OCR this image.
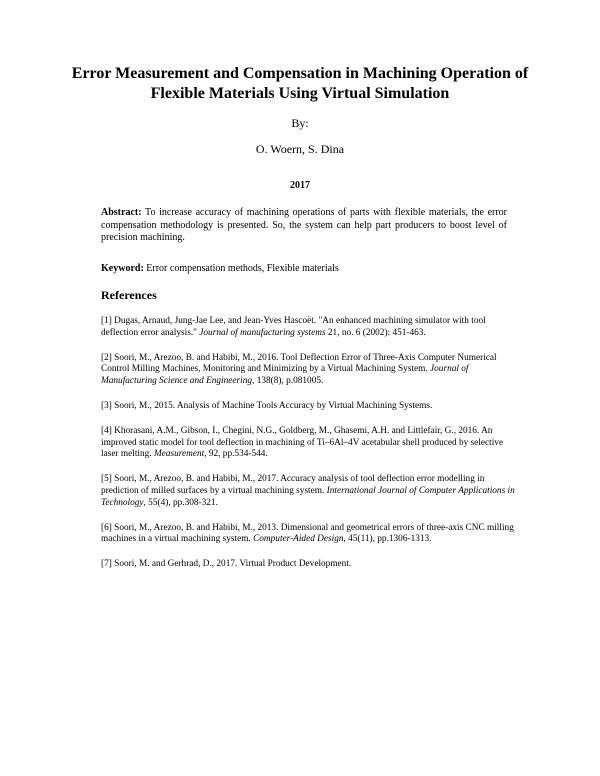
Error Measurement and Compensation in Machining Operation of Flexible Materials Using Virtual Simulation
By:
O. Woern, S. Dina
2017

Abstract: To increase accuracy of machining operations of parts with flexible materials, the error compensation methodology is presented. So, the system can help part producers to boost level of precision machining.

Keyword: Error compensation methods, Flexible materials

References
[1] Dugas, Arnaud, Jung-Jae Lee, and Jean-Yves Hascoët. "An enhanced machining simulator with tool deflection error analysis." Journal of manufacturing systems 21, no. 6 (2002): 451-463.
[2] Soori, M., Arezoo, B. and Habibi, M., 2016. Tool Deflection Error of Three-Axis Computer Numerical Control Milling Machines, Monitoring and Minimizing by a Virtual Machining System. Journal of Manufacturing Science and Engineering, 138(8), p.081005.
[3] Soori, M., 2015. Analysis of Machine Tools Accuracy by Virtual Machining Systems.
[4] Khorasani, A.M., Gibson, I., Chegini, N.G., Goldberg, M., Ghasemi, A.H. and Littlefair, G., 2016. An improved static model for tool deflection in machining of Ti–6Al–4V acetabular shell produced by selective laser melting. Measurement, 92, pp.534-544.
[5] Soori, M., Arezoo, B. and Habibi, M., 2017. Accuracy analysis of tool deflection error modelling in prediction of milled surfaces by a virtual machining system. International Journal of Computer Applications in Technology, 55(4), pp.308-321.
[6] Soori, M., Arezoo, B. and Habibi, M., 2013. Dimensional and geometrical errors of three-axis CNC milling machines in a virtual machining system. Computer-Aided Design, 45(11), pp.1306-1313.
[7] Soori, M. and Gerhrad, D., 2017. Virtual Product Development.
